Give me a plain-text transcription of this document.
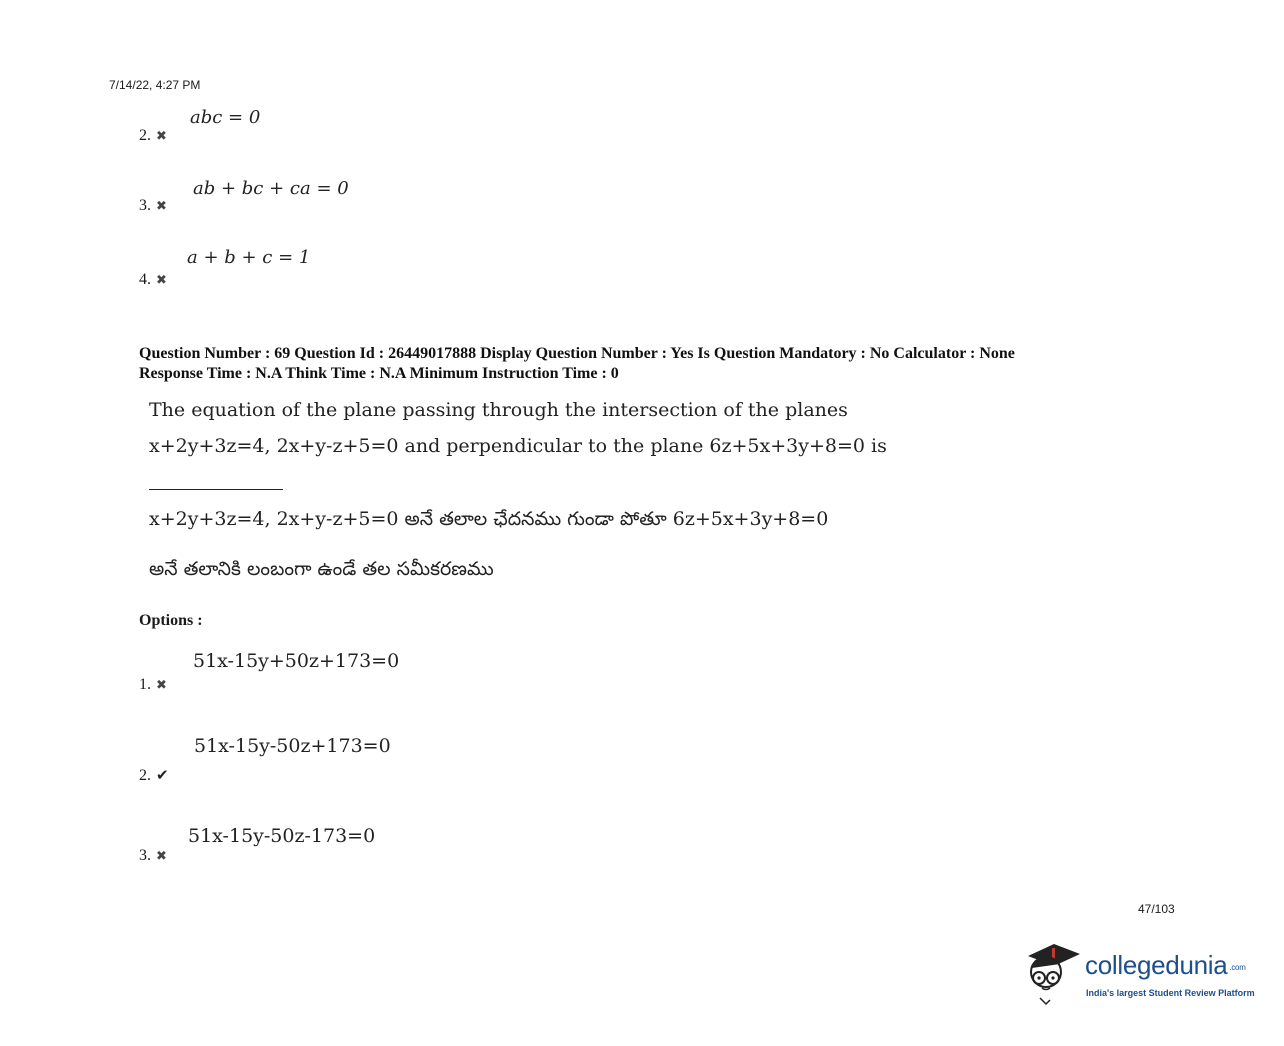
7/14/22, 4:27 PM
abc = 0
2. ✖
ab + bc + ca = 0
3. ✖
a + b + c = 1
4. ✖
Question Number : 69 Question Id : 26449017888 Display Question Number : Yes Is Question Mandatory : No Calculator : None
Response Time : N.A Think Time : N.A Minimum Instruction Time : 0
The equation of the plane passing through the intersection of the planes
x+2y+3z=4, 2x+y-z+5=0 and perpendicular to the plane 6z+5x+3y+8=0 is
x+2y+3z=4, 2x+y-z+5=0 అనే తలాల ఛేదనము గుండా పోతూ 6z+5x+3y+8=0
అనే తలానికి లంబంగా ఉండే తల సమీకరణము
Options :
51x-15y+50z+173=0
1. ✖
51x-15y-50z+173=0
2. ✔
51x-15y-50z-173=0
3. ✖
47/103
collegedunia .com
India's largest Student Review Platform
